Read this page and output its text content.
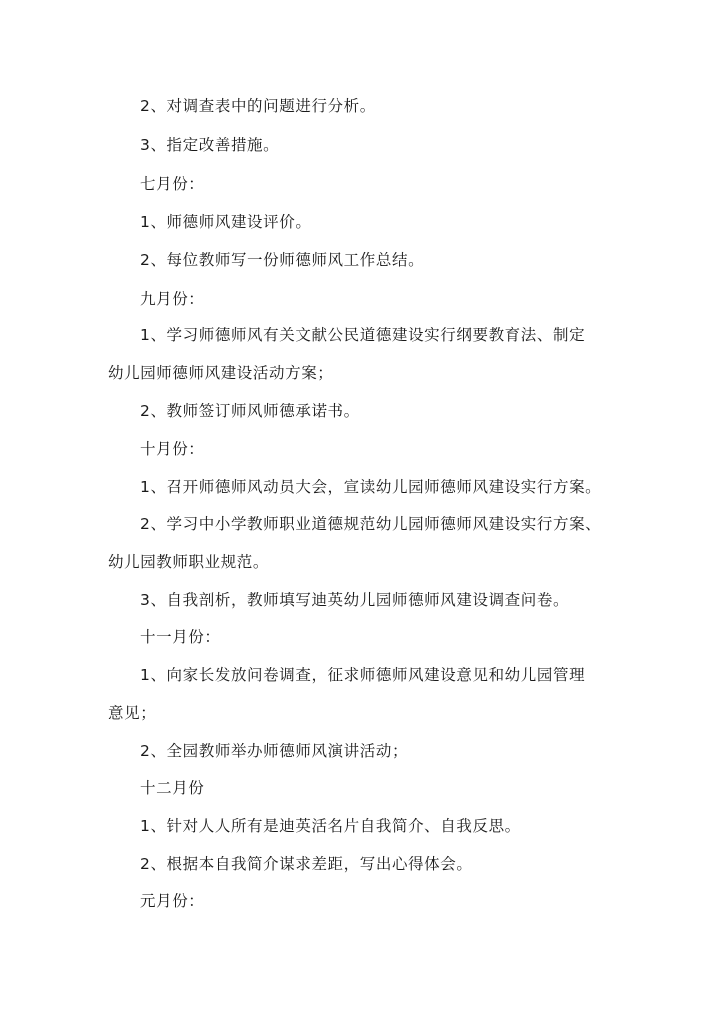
2、对调查表中的问题进行分析。
3、指定改善措施。
七月份：
1、师德师风建设评价。
2、每位教师写一份师德师风工作总结。
九月份：
1、学习师德师风有关文献公民道德建设实行纲要教育法、制定
幼儿园师德师风建设活动方案；
2、教师签订师风师德承诺书。
十月份：
1、召开师德师风动员大会，宣读幼儿园师德师风建设实行方案。
2、学习中小学教师职业道德规范幼儿园师德师风建设实行方案、
幼儿园教师职业规范。
3、自我剖析，教师填写迪英幼儿园师德师风建设调查问卷。
十一月份：
1、向家长发放问卷调查，征求师德师风建设意见和幼儿园管理
意见；
2、全园教师举办师德师风演讲活动；
十二月份
1、针对人人所有是迪英活名片自我简介、自我反思。
2、根据本自我简介谋求差距，写出心得体会。
元月份：
